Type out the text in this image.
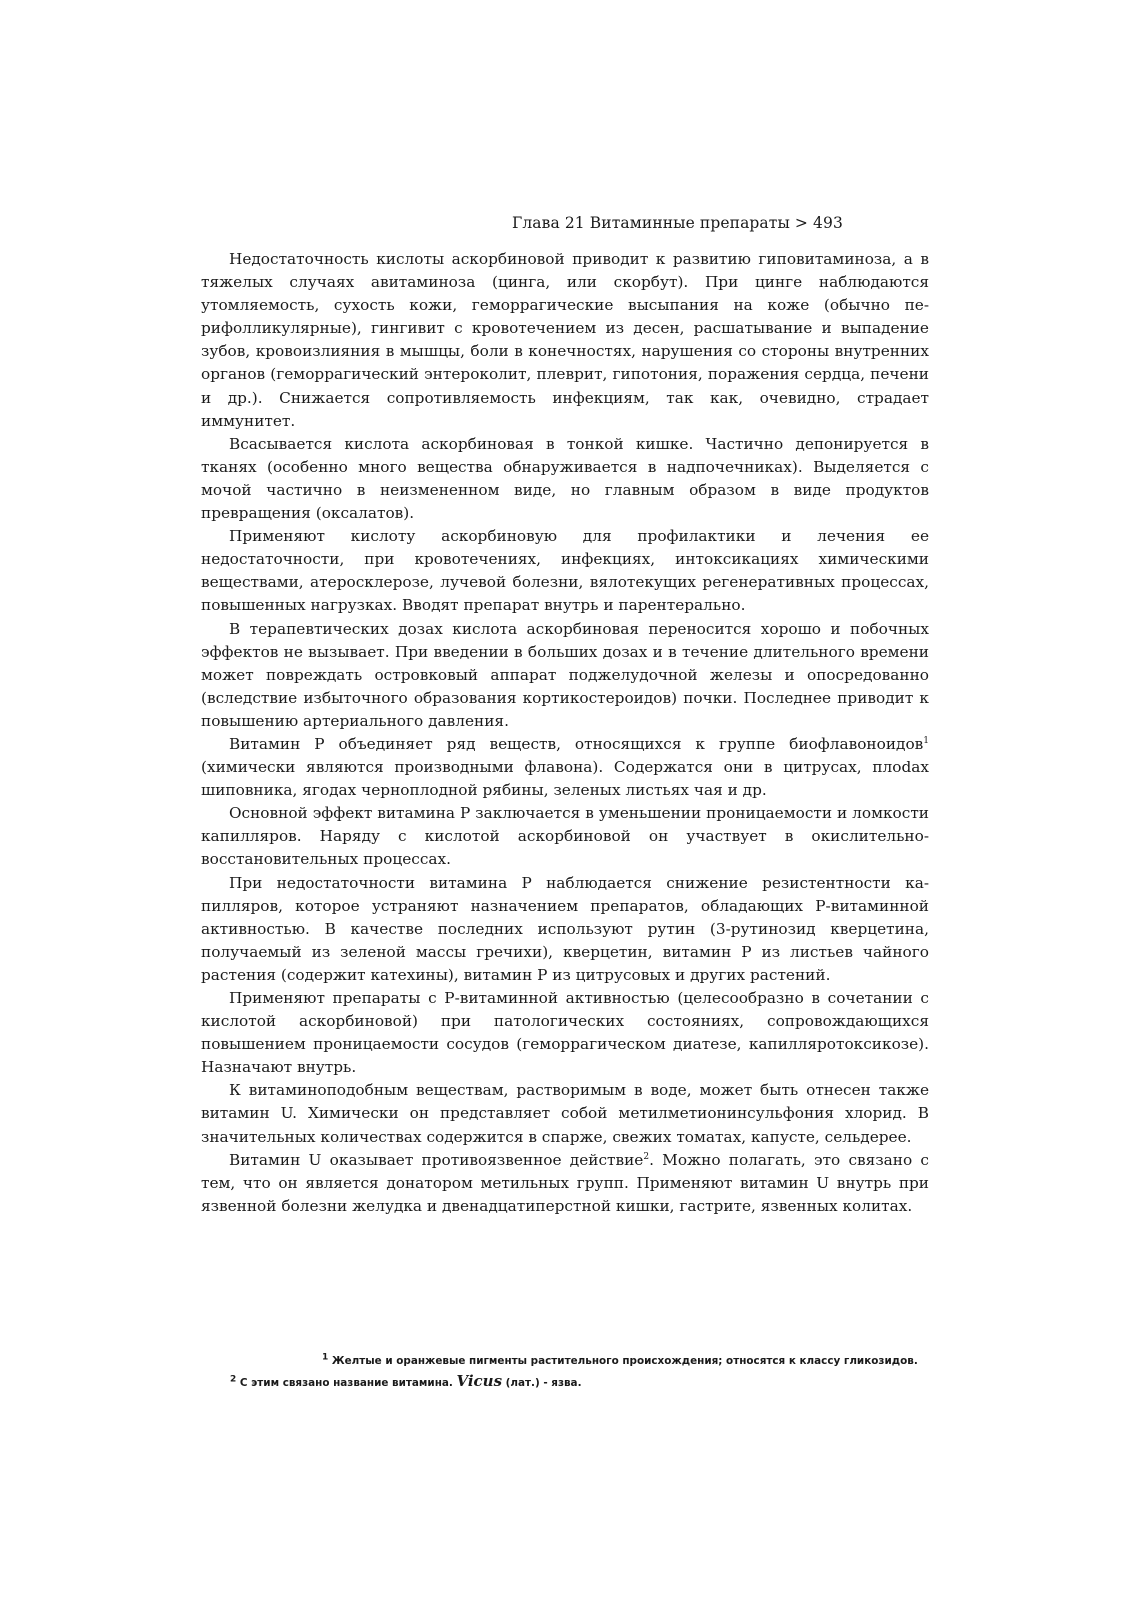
Глава 21 Витаминные препараты > 493

Недостаточность кислоты аскорбиновой приводит к развитию гиповитаминоза, а в тяжелых случаях авитаминоза (цинга, или скорбут). При цинге наблюдаются утомляемость, сухость кожи, геморрагические высыпания на коже (обычно перифолликулярные), гингивит с кровотечением из десен, расшатывание и выпадение зубов, кровоизлияния в мышцы, боли в конечностях, нарушения со стороны внутренних органов (геморрагический энтероколит, плеврит, гипотония, поражения сердца, печени и др.). Снижается сопротивляемость инфекциям, так как, очевидно, страдает иммунитет.

Всасывается кислота аскорбиновая в тонкой кишке. Частично депонируется в тканях (особенно много вещества обнаруживается в надпочечниках). Выделяется с мочой частично в неизмененном виде, но главным образом в виде продуктов превращения (оксалатов).

Применяют кислоту аскорбиновую для профилактики и лечения ее недостаточности, при кровотечениях, инфекциях, интоксикациях химическими веществами, атеросклерозе, лучевой болезни, вялотекущих регенеративных процессах, повышенных нагрузках. Вводят препарат внутрь и парентерально.

В терапевтических дозах кислота аскорбиновая переносится хорошо и побочных эффектов не вызывает. При введении в больших дозах и в течение длительного времени может повреждать островковый аппарат поджелудочной железы и опосредованно (вследствие избыточного образования кортикостероидов) почки. Последнее приводит к повышению артериального давления.

Витамин Р объединяет ряд веществ, относящихся к группе биофлавоноидов$^1$ (химически являются производными флавона). Содержатся они в цитрусах, плоdах шиповника, ягодах черноплодной рябины, зеленых листьях чая и др.

Основной эффект витамина Р заключается в уменьшении проницаемости и ломкости капилляров. Наряду с кислотой аскорбиновой он участвует в окислительно-восстановительных процессах.

При недостаточности витамина Р наблюдается снижение резистентности капилляров, которое устраняют назначением препаратов, обладающих Р-витаминной активностью. В качестве последних используют рутин (3-рутинозид кверцетина, получаемый из зеленой массы гречихи), кверцетин, витамин Р из листьев чайного растения (содержит катехины), витамин Р из цитрусовых и других растений.

Применяют препараты с Р-витаминной активностью (целесообразно в сочетании с кислотой аскорбиновой) при патологических состояниях, сопровождающихся повышением проницаемости сосудов (геморрагическом диатезе, капилляротоксикозе). Назначают внутрь.

К витаминоподобным веществам, растворимым в воде, может быть отнесен также витамин U. Химически он представляет собой метилметионинсульфония хлорид. В значительных количествах содержится в спарже, свежих томатах, капусте, сельдерее.

Витамин U оказывает противоязвенное действие$^2$. Можно полагать, это связано с тем, что он является донатором метильных групп. Применяют витамин U внутрь при язвенной болезни желудка и двенадцатиперстной кишки, гастрите, язвенных колитах.

$^1$ Желтые и оранжевые пигменты растительного происхождения; относятся к классу гликозидов.
$^2$ С этим связано название витамина. Vicus (лат.) - язва.
